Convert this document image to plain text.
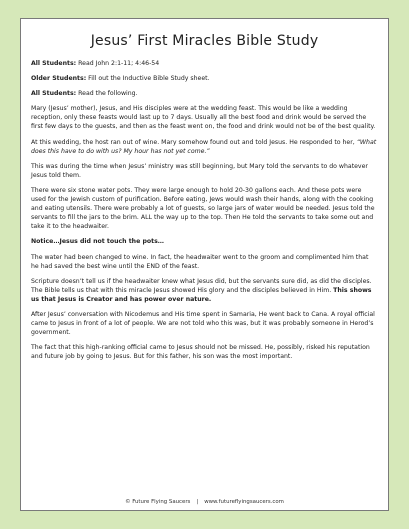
Jesus’ First Miracles Bible Study

All Students: Read John 2:1-11; 4:46-54

Older Students: Fill out the Inductive Bible Study sheet.

All Students: Read the following.

Mary (Jesus’ mother), Jesus, and His disciples were at the wedding feast. This would be like a wedding reception, only these feasts would last up to 7 days. Usually all the best food and drink would be served the first few days to the guests, and then as the feast went on, the food and drink would not be of the best quality.

At this wedding, the host ran out of wine. Mary somehow found out and told Jesus. He responded to her, “What does this have to do with us? My hour has not yet come.”

This was during the time when Jesus’ ministry was still beginning, but Mary told the servants to do whatever Jesus told them.

There were six stone water pots. They were large enough to hold 20-30 gallons each. And these pots were used for the Jewish custom of purification. Before eating, Jews would wash their hands, along with the cooking and eating utensils. There were probably a lot of guests, so large jars of water would be needed. Jesus told the servants to fill the jars to the brim. ALL the way up to the top. Then He told the servants to take some out and take it to the headwaiter.

Notice…Jesus did not touch the pots…

The water had been changed to wine. In fact, the headwaiter went to the groom and complimented him that he had saved the best wine until the END of the feast.

Scripture doesn’t tell us if the headwaiter knew what Jesus did, but the servants sure did, as did the disciples. The Bible tells us that with this miracle Jesus showed His glory and the disciples believed in Him. This shows us that Jesus is Creator and has power over nature.

After Jesus’ conversation with Nicodemus and His time spent in Samaria, He went back to Cana. A royal official came to Jesus in front of a lot of people. We are not told who this was, but it was probably someone in Herod’s government.

The fact that this high-ranking official came to Jesus should not be missed. He, possibly, risked his reputation and future job by going to Jesus. But for this father, his son was the most important.

© Future Flying Saucers | www.futureflyingsaucers.com
